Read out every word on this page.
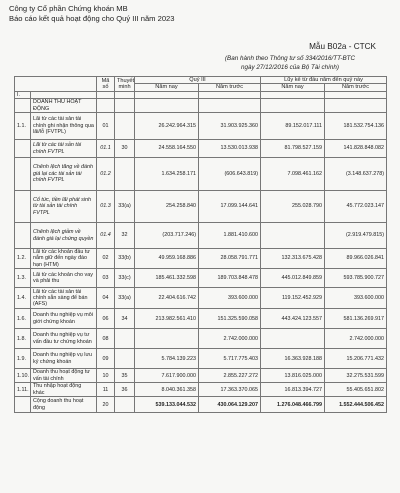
Công ty Cổ phần Chứng khoán MB
Báo cáo kết quả hoạt động cho Quý III năm 2023
Mẫu B02a - CTCK
(Ban hành theo Thông tư số 334/2016/TT-BTC
ngày 27/12/2016 của Bộ Tài chính)
		Mã số	Thuyết minh	Quý III		Lũy kế từ đầu năm đến quý này	
				Năm nay	Năm trước	Năm nay	Năm trước
I.							
	DOANH THU HOẠT ĐỘNG						
1.1.	Lãi từ các tài sản tài chính ghi nhận thông qua lãi/lỗ (FVTPL)	01		26.242.964.315	31.903.925.360	89.152.017.111	181.532.754.136
	Lãi từ các tài sản tài chính FVTPL	01.1	30	24.558.164.550	13.530.013.938	81.798.527.159	141.828.848.082
	Chênh lệch tăng về đánh giá lại các tài sản tài chính FVTPL	01.2		1.634.258.171	(606.643.819)	7.098.461.162	(3.148.637.278)
	Cổ tức, tiền lãi phát sinh từ tài sản tài chính FVTPL	01.3	33(a)	254.258.840	17.099.144.641	255.028.790	45.772.023.147
	Chênh lệch giảm về đánh giá lại chứng quyền	01.4	32	(203.717.246)	1.881.410.600		(2.919.479.815)
1.2.	Lãi từ các khoản đầu tư nắm giữ đến ngày đáo hạn (HTM)	02	33(b)	49.959.168.886	28.058.791.771	132.313.675.428	89.966.026.841
1.3.	Lãi từ các khoản cho vay và phải thu	03	33(c)	185.461.332.598	189.703.848.478	445.012.849.859	593.785.900.727
1.4.	Lãi từ các tài sản tài chính sẵn sàng để bán (AFS)	04	33(a)	22.404.616.742	393.600.000	119.152.452.929	393.600.000
1.6.	Doanh thu nghiệp vụ môi giới chứng khoán	06	34	213.982.561.410	151.325.590.058	443.424.123.557	581.136.269.917
1.8.	Doanh thu nghiệp vụ tư vấn đầu tư chứng khoán	08			2.742.000.000		2.742.000.000
1.9.	Doanh thu nghiệp vụ lưu ký chứng khoán	09		5.784.139.223	5.717.775.403	16.363.928.188	15.206.771.432
1.10.	Doanh thu hoạt động tư vấn tài chính	10	35	7.617.900.000	2.855.227.272	13.816.025.000	32.275.531.599
1.11.	Thu nhập hoạt động khác	11	36	8.040.361.358	17.363.370.065	16.813.394.727	55.405.651.802
	Cộng doanh thu hoạt động	20		539.133.044.532	430.064.129.207	1.276.048.466.799	1.552.444.506.452
